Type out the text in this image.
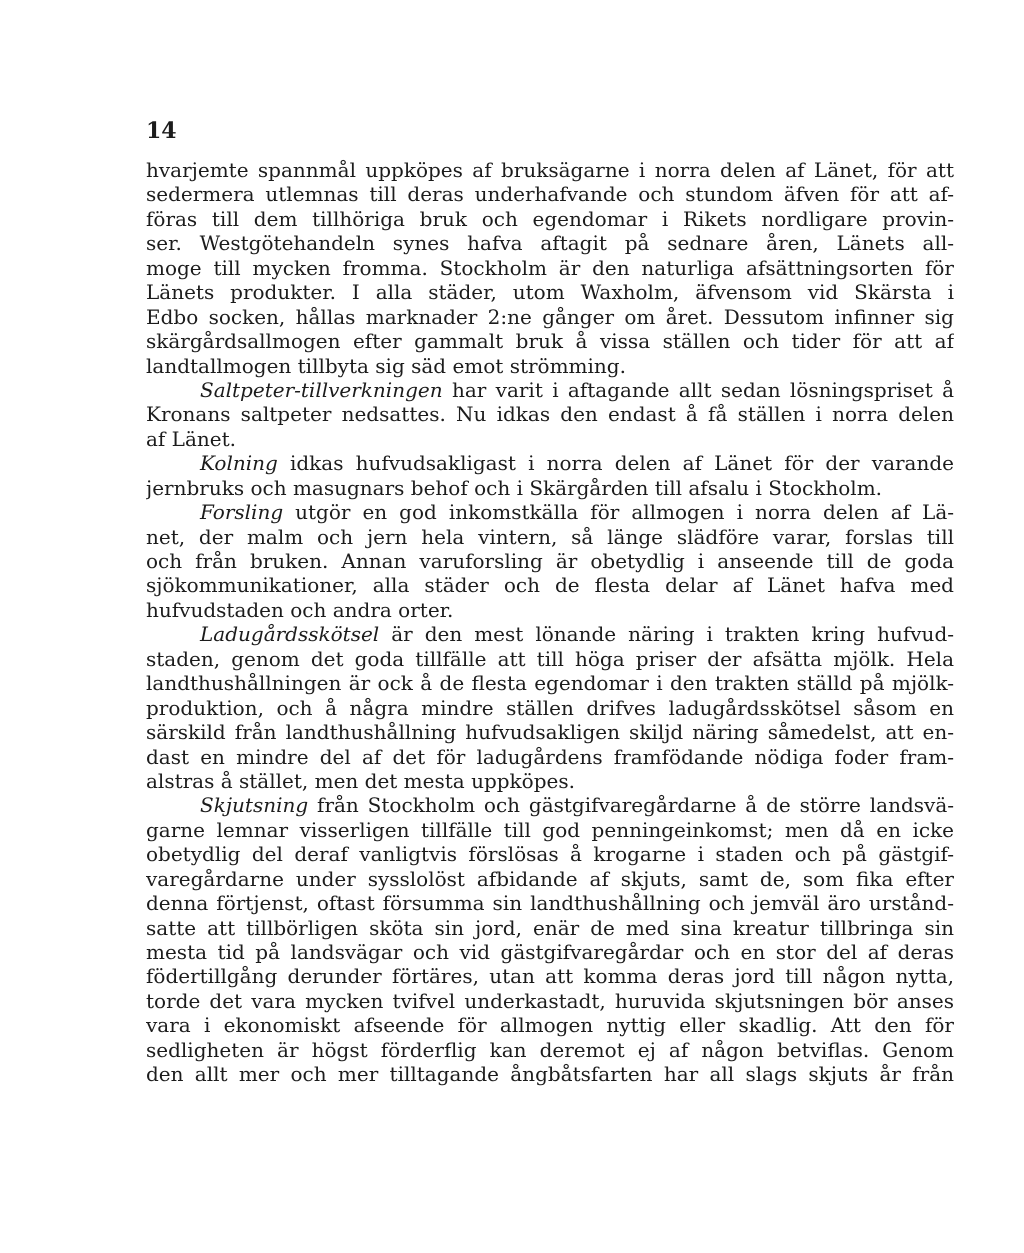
14
hvarjemte spannmål uppköpes af bruksägarne i norra delen af Länet, för att
sedermera utlemnas till deras underhafvande och stundom äfven för att af-
föras till dem tillhöriga bruk och egendomar i Rikets nordligare provin-
ser. Westgötehandeln synes hafva aftagit på sednare åren, Länets all-
moge till mycken fromma. Stockholm är den naturliga afsättningsorten för
Länets produkter. I alla städer, utom Waxholm, äfvensom vid Skärsta i
Edbo socken, hållas marknader 2:ne gånger om året. Dessutom infinner sig
skärgårdsallmogen efter gammalt bruk å vissa ställen och tider för att af
landtallmogen tillbyta sig säd emot strömming.
Saltpeter-tillverkningen har varit i aftagande allt sedan lösningspriset å
Kronans saltpeter nedsattes. Nu idkas den endast å få ställen i norra delen
af Länet.
Kolning idkas hufvudsakligast i norra delen af Länet för der varande
jernbruks och masugnars behof och i Skärgården till afsalu i Stockholm.
Forsling utgör en god inkomstkälla för allmogen i norra delen af Lä-
net, der malm och jern hela vintern, så länge slädföre varar, forslas till
och från bruken. Annan varuforsling är obetydlig i anseende till de goda
sjökommunikationer, alla städer och de flesta delar af Länet hafva med
hufvudstaden och andra orter.
Ladugårdsskötsel är den mest lönande näring i trakten kring hufvud-
staden, genom det goda tillfälle att till höga priser der afsätta mjölk. Hela
landthushållningen är ock å de flesta egendomar i den trakten ställd på mjölk-
produktion, och å några mindre ställen drifves ladugårdsskötsel såsom en
särskild från landthushållning hufvudsakligen skiljd näring såmedelst, att en-
dast en mindre del af det för ladugårdens framfödande nödiga foder fram-
alstras å stället, men det mesta uppköpes.
Skjutsning från Stockholm och gästgifvaregårdarne å de större landsvä-
garne lemnar visserligen tillfälle till god penningeinkomst; men då en icke
obetydlig del deraf vanligtvis förslösas å krogarne i staden och på gästgif-
varegårdarne under sysslolöst afbidande af skjuts, samt de, som fika efter
denna förtjenst, oftast försumma sin landthushållning och jemväl äro urstånd-
satte att tillbörligen sköta sin jord, enär de med sina kreatur tillbringa sin
mesta tid på landsvägar och vid gästgifvaregårdar och en stor del af deras
födertillgång derunder förtäres, utan att komma deras jord till någon nytta,
torde det vara mycken tvifvel underkastadt, huruvida skjutsningen bör anses
vara i ekonomiskt afseende för allmogen nyttig eller skadlig. Att den för
sedligheten är högst förderflig kan deremot ej af någon betviflas. Genom
den allt mer och mer tilltagande ångbåtsfarten har all slags skjuts år från
